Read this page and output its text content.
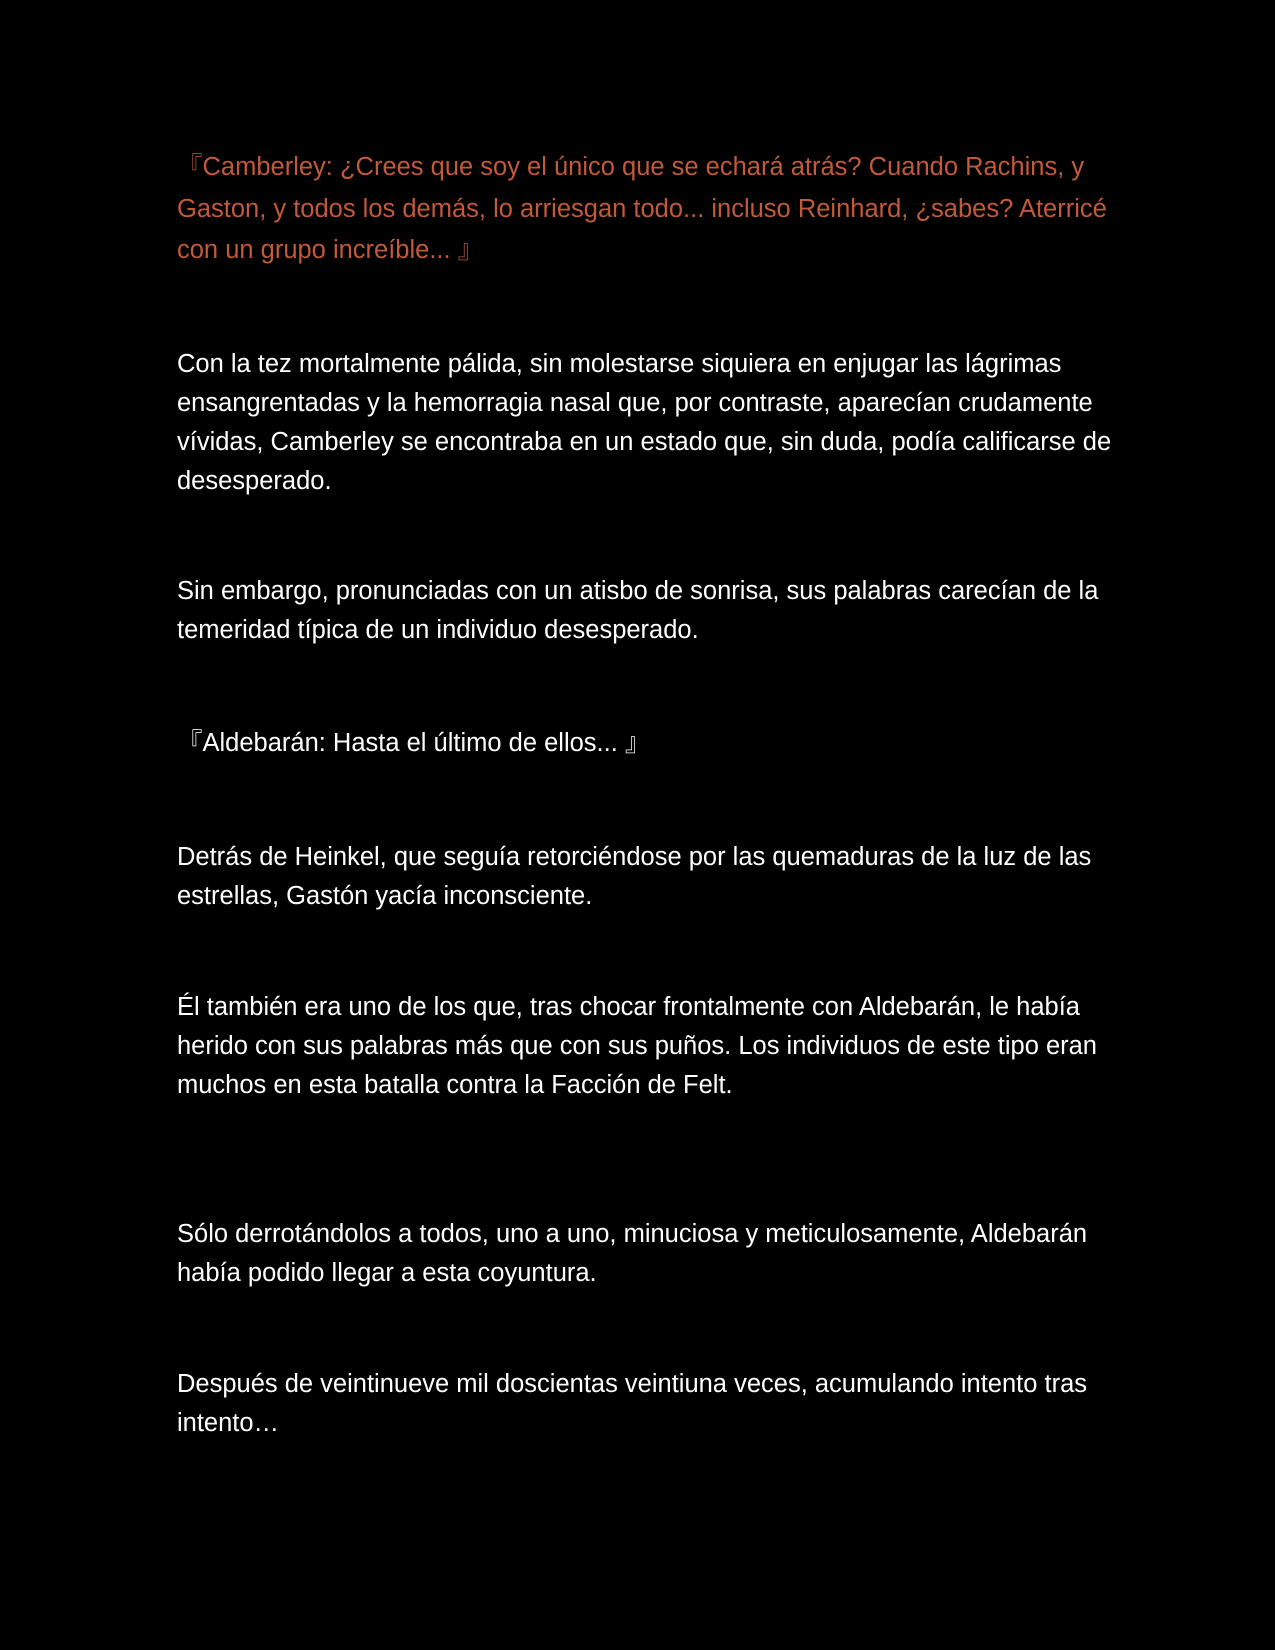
『Camberley: ¿Crees que soy el único que se echará atrás? Cuando Rachins, y Gaston, y todos los demás, lo arriesgan todo... incluso Reinhard, ¿sabes? Aterricé con un grupo increíble... 』

Con la tez mortalmente pálida, sin molestarse siquiera en enjugar las lágrimas ensangrentadas y la hemorragia nasal que, por contraste, aparecían crudamente vívidas, Camberley se encontraba en un estado que, sin duda, podía calificarse de desesperado.

Sin embargo, pronunciadas con un atisbo de sonrisa, sus palabras carecían de la temeridad típica de un individuo desesperado.

『Aldebarán: Hasta el último de ellos... 』

Detrás de Heinkel, que seguía retorciéndose por las quemaduras de la luz de las estrellas, Gastón yacía inconsciente.

Él también era uno de los que, tras chocar frontalmente con Aldebarán, le había herido con sus palabras más que con sus puños. Los individuos de este tipo eran muchos en esta batalla contra la Facción de Felt.

Sólo derrotándolos a todos, uno a uno, minuciosa y meticulosamente, Aldebarán había podido llegar a esta coyuntura.

Después de veintinueve mil doscientas veintiuna veces, acumulando intento tras intento…
